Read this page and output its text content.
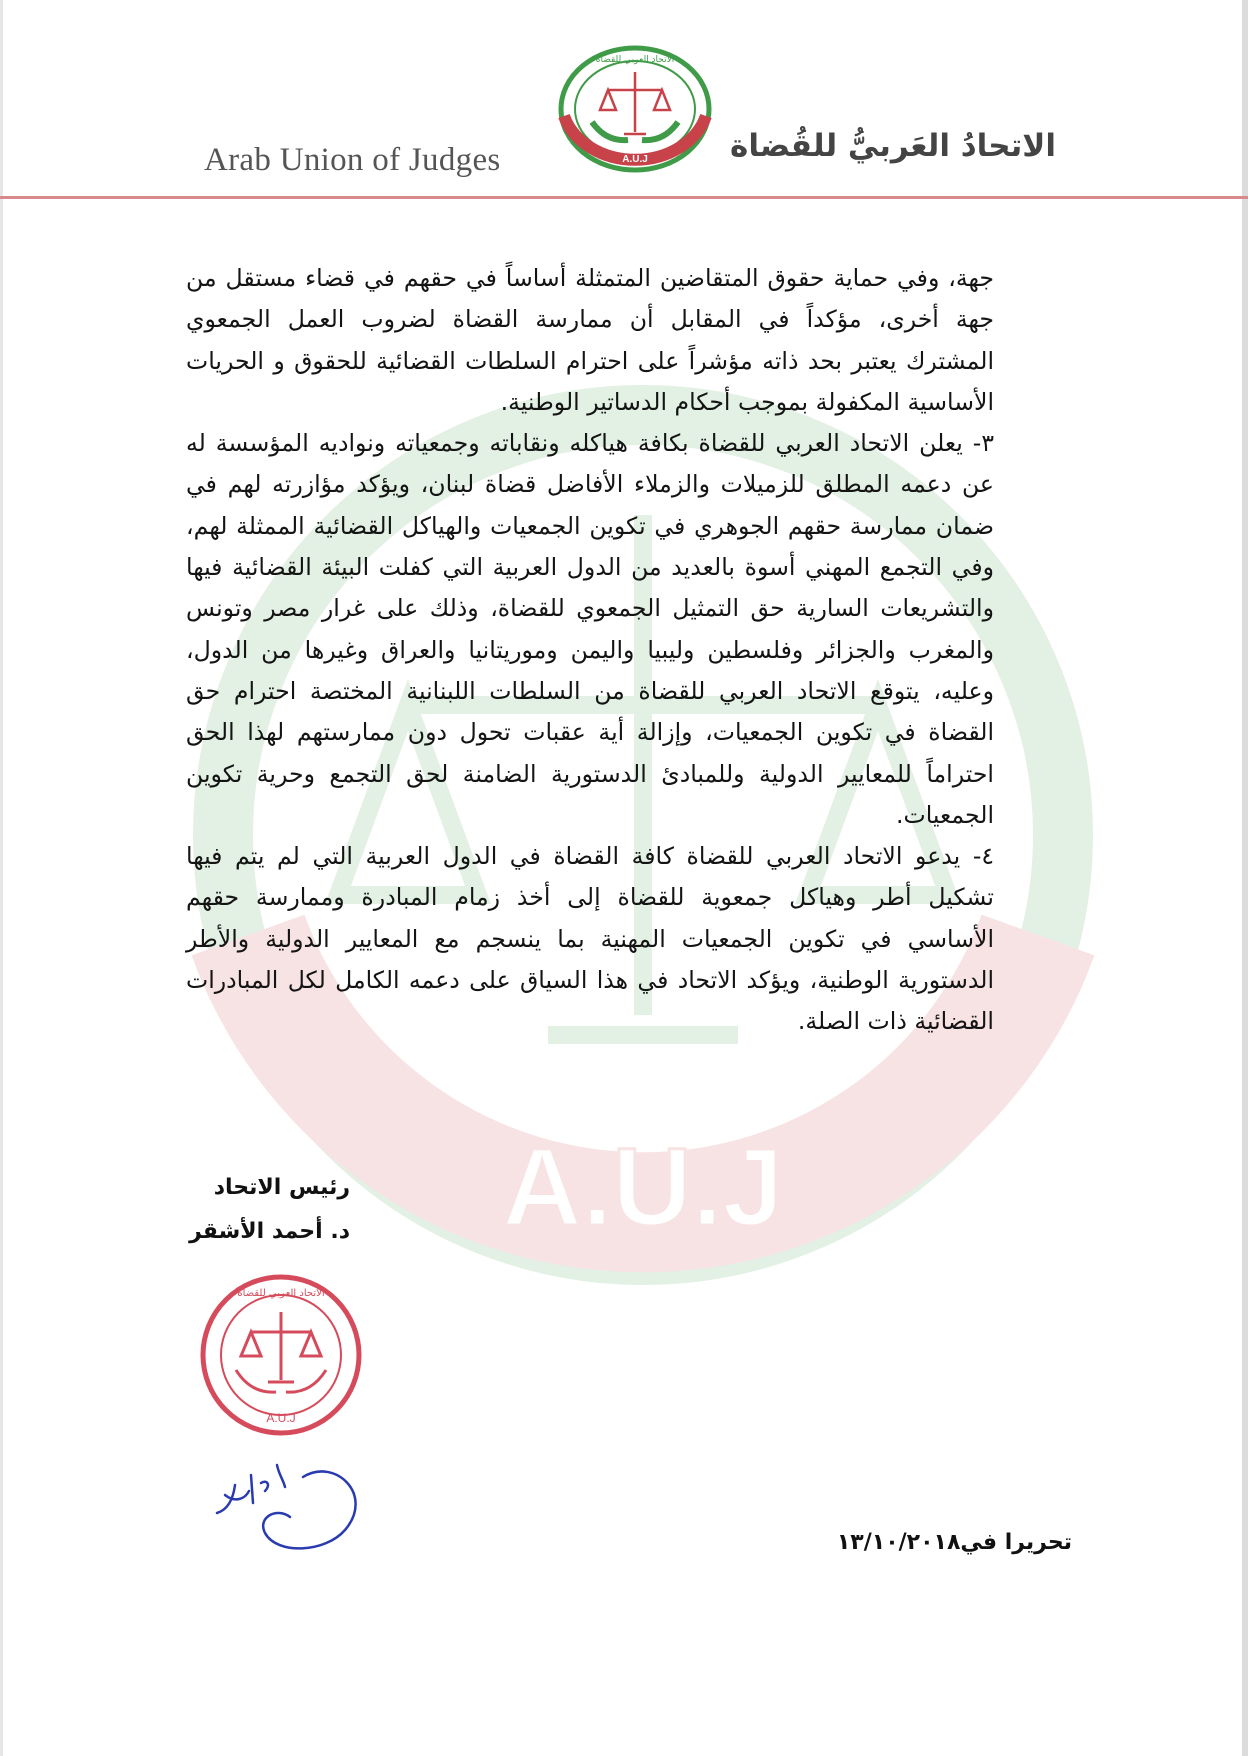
A.U.J
Arab Union of Judges	A.U.J
الاتحاد العربي للقضاة
الاتحادُ العَربيُّ للقُضاة

جهة، وفي حماية حقوق المتقاضين المتمثلة أساساً في حقهم في قضاء مستقل من جهة أخرى، مؤكداً في المقابل أن ممارسة القضاة لضروب العمل الجمعوي المشترك يعتبر بحد ذاته مؤشراً على احترام السلطات القضائية للحقوق و الحريات الأساسية المكفولة بموجب أحكام الدساتير الوطنية.

٣- يعلن الاتحاد العربي للقضاة بكافة هياكله ونقاباته وجمعياته ونواديه المؤسسة له عن دعمه المطلق للزميلات والزملاء الأفاضل قضاة لبنان، ويؤكد مؤازرته لهم في ضمان ممارسة حقهم الجوهري في تكوين الجمعيات والهياكل القضائية الممثلة لهم، وفي التجمع المهني أسوة بالعديد من الدول العربية التي كفلت البيئة القضائية فيها والتشريعات السارية حق التمثيل الجمعوي للقضاة، وذلك على غرار مصر وتونس والمغرب والجزائر وفلسطين وليبيا واليمن وموريتانيا والعراق وغيرها من الدول، وعليه، يتوقع الاتحاد العربي للقضاة من السلطات اللبنانية المختصة احترام حق القضاة في تكوين الجمعيات، وإزالة أية عقبات تحول دون ممارستهم لهذا الحق احتراماً للمعايير الدولية وللمبادئ الدستورية الضامنة لحق التجمع وحرية تكوين الجمعيات.

٤- يدعو الاتحاد العربي للقضاة كافة القضاة في الدول العربية التي لم يتم فيها تشكيل أطر وهياكل جمعوية للقضاة إلى أخذ زمام المبادرة وممارسة حقهم الأساسي في تكوين الجمعيات المهنية بما ينسجم مع المعايير الدولية والأطر الدستورية الوطنية، ويؤكد الاتحاد في هذا السياق على دعمه الكامل لكل المبادرات القضائية ذات الصلة.

رئيس الاتحاد
د. أحمد الأشقر
A.U.J
الاتحاد العربي للقضاة
تحريرا في١٣/١٠/٢٠١٨
